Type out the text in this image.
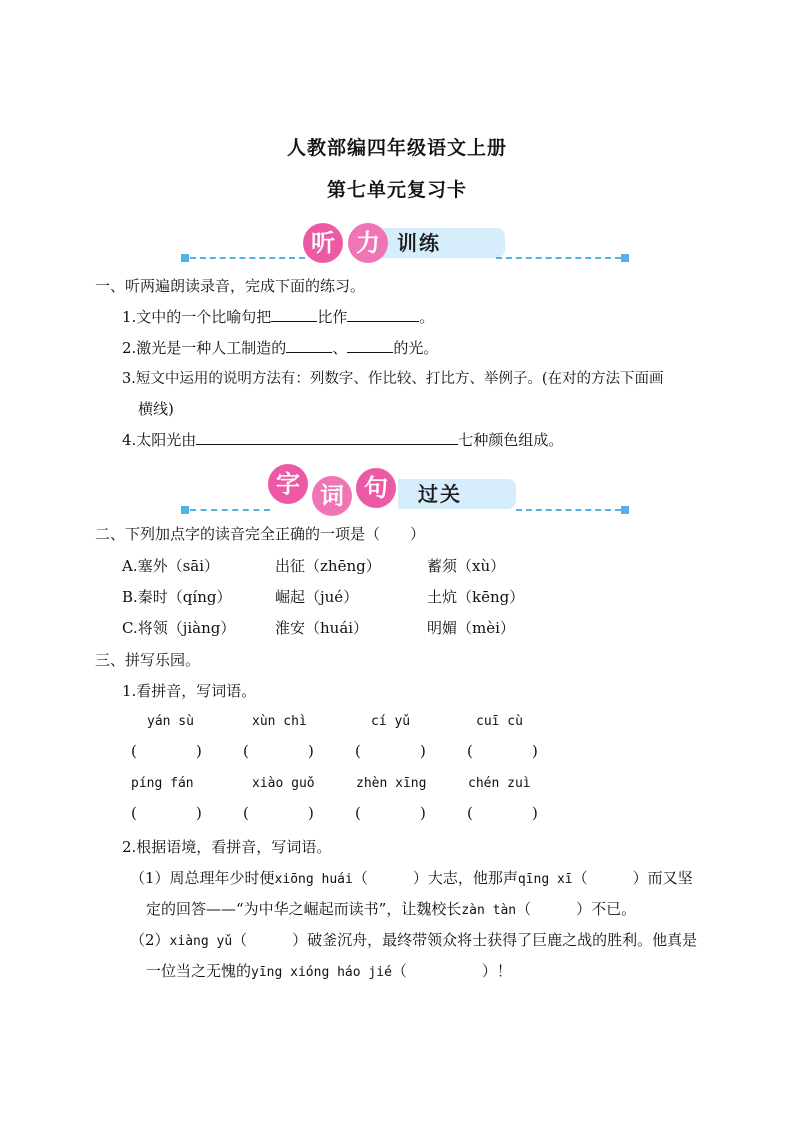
人教部编四年级语文上册
第七单元复习卡
训练
听 力
一、听两遍朗读录音，完成下面的练习。
1.文中的一个比喻句把	比作	。
2.激光是一种人工制造的	、	的光。
3.短文中运用的说明方法有：列数字、作比较、打比方、举例子。(在对的方法下面画
横线)
4.太阳光由	七种颜色组成。
过关
字 词 句
二、下列加点字的读音完全正确的一项是（　　）
A.塞外（sāi）	出征（zhēng）	蓄须（xù）
B.秦时（qíng）	崛起（jué）	土炕（kēng）
C.将领（jiàng）	淮安（huái）	明媚（mèi）
三、拼写乐园。
1.看拼音，写词语。
yán sù	xùn chì	cí yǔ	cuī cù
(	)	(	)	(	)	(	)
píng fán	xiào guǒ	zhèn xīng	chén zuì
(	)	(	)	(	)	(	)
2.根据语境，看拼音，写词语。
（1）周总理年少时便xiōng huái（　　　）大志，他那声qīng xī（　　　）而又坚
定的回答——“为中华之崛起而读书”，让魏校长zàn tàn（　　　）不已。
（2）xiàng yǔ（　　　）破釜沉舟，最终带领众将士获得了巨鹿之战的胜利。他真是
一位当之无愧的yīng xióng háo jié（　　　　　）！
